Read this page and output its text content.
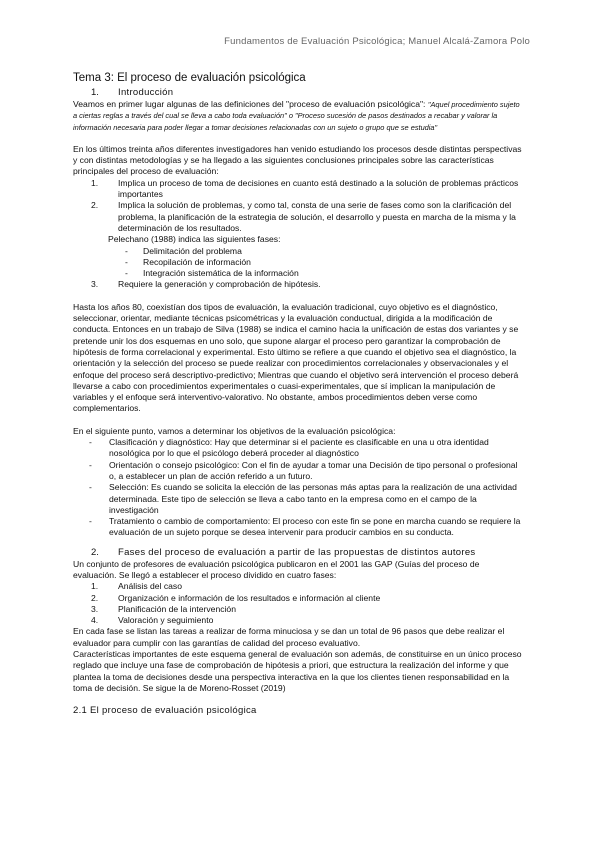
Fundamentos de Evaluación Psicológica; Manuel Alcalá-Zamora Polo
Tema 3: El proceso de evaluación psicológica
1.	Introducción

Veamos en primer lugar algunas de las definiciones del "proceso de evaluación psicológica": "Aquel procedimiento sujeto a ciertas reglas a través del cual se lleva a cabo toda evaluación" o "Proceso sucesión de pasos destinados a recabar y valorar la información necesaria para poder llegar a tomar decisiones relacionadas con un sujeto o grupo que se estudia"

En los últimos treinta años diferentes investigadores han venido estudiando los procesos desde distintas perspectivas y con distintas metodologías y se ha llegado a las siguientes conclusiones principales sobre las características principales del proceso de evaluación:

1.	Implica un proceso de toma de decisiones en cuanto está destinado a la solución de problemas prácticos importantes
2.	Implica la solución de problemas, y como tal, consta de una serie de fases como son la clarificación del problema, la planificación de la estrategia de solución, el desarrollo y puesta en marcha de la misma y la determinación de los resultados.
Pelechano (1988) indica las siguientes fases:
-	Delimitación del problema
-	Recopilación de información
-	Integración sistemática de la información
3.	Requiere la generación y comprobación de hipótesis.

Hasta los años 80, coexistían dos tipos de evaluación, la evaluación tradicional, cuyo objetivo es el diagnóstico, seleccionar, orientar, mediante técnicas psicométricas y la evaluación conductual, dirigida a la modificación de conducta. Entonces en un trabajo de Silva (1988) se indica el camino hacia la unificación de estas dos variantes y se pretende unir los dos esquemas en uno solo, que supone alargar el proceso pero garantizar la comprobación de hipótesis de forma correlacional y experimental. Esto último se refiere a que cuando el objetivo sea el diagnóstico, la orientación y la selección del proceso se puede realizar con procedimientos correlacionales y observacionales y el enfoque del proceso será descriptivo-predictivo; Mientras que cuando el objetivo será intervención el proceso deberá llevarse a cabo con procedimientos experimentales o cuasi-experimentales, que sí implican la manipulación de variables y el enfoque será interventivo-valorativo. No obstante, ambos procedimientos deben verse como complementarios.

En el siguiente punto, vamos a determinar los objetivos de la evaluación psicológica:

-	Clasificación y diagnóstico: Hay que determinar si el paciente es clasificable en una u otra identidad nosológica por lo que el psicólogo deberá proceder al diagnóstico
-	Orientación o consejo psicológico: Con el fin de ayudar a tomar una Decisión de tipo personal o profesional o, a establecer un plan de acción referido a un futuro.
-	Selección: Es cuando se solicita la elección de las personas más aptas para la realización de una actividad determinada. Este tipo de selección se lleva a cabo tanto en la empresa como en el campo de la investigación
-	Tratamiento o cambio de comportamiento: El proceso con este fin se pone en marcha cuando se requiere la evaluación de un sujeto porque se desea intervenir para producir cambios en su conducta.
2.	Fases del proceso de evaluación a partir de las propuestas de distintos autores

Un conjunto de profesores de evaluación psicológica publicaron en el 2001 las GAP (Guías del proceso de evaluación. Se llegó a establecer el proceso dividido en cuatro fases:

1.	Análisis del caso
2.	Organización e información de los resultados e información al cliente
3.	Planificación de la intervención
4.	Valoración y seguimiento

En cada fase se listan las tareas a realizar de forma minuciosa y se dan un total de 96 pasos que debe realizar el evaluador para cumplir con las garantías de calidad del proceso evaluativo.

Características importantes de este esquema general de evaluación son además, de constituirse en un único proceso reglado que incluye una fase de comprobación de hipótesis a priori, que estructura la realización del informe y que plantea la toma de decisiones desde una perspectiva interactiva en la que los clientes tienen responsabilidad en la toma de decisión. Se sigue la de Moreno-Rosset (2019)

2.1 El proceso de evaluación psicológica
